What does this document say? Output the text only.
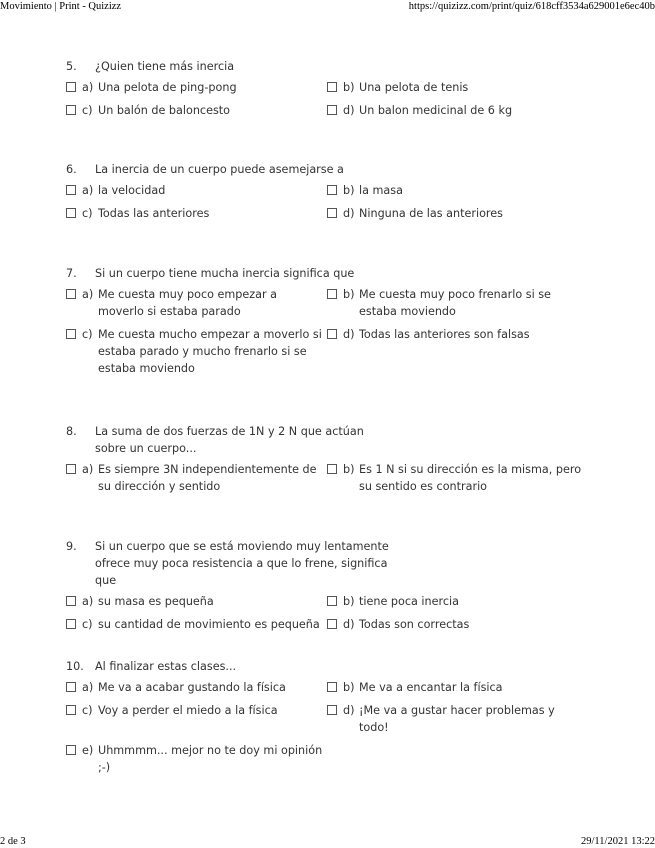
Movimiento | Print - Quizizz	https://quizizz.com/print/quiz/618cff3534a629001e6ec40b
5.	¿Quien tiene más inercia
a) Una pelota de ping-pong	b) Una pelota de tenis
c) Un balón de baloncesto	d) Un balon medicinal de 6 kg
6.	La inercia de un cuerpo puede asemejarse a
a) la velocidad	b) la masa
c) Todas las anteriores	d) Ninguna de las anteriores
7.	Si un cuerpo tiene mucha inercia significa que
a) Me cuesta muy poco empezar a moverlo si estaba parado
b) Me cuesta muy poco frenarlo si se estaba moviendo
c) Me cuesta mucho empezar a moverlo si estaba parado y mucho frenarlo si se estaba moviendo
d) Todas las anteriores son falsas
8.	La suma de dos fuerzas de 1N y 2 N que actúan sobre un cuerpo...
a) Es siempre 3N independientemente de su dirección y sentido
b) Es 1 N si su dirección es la misma, pero su sentido es contrario
9.	Si un cuerpo que se está moviendo muy lentamente ofrece muy poca resistencia a que lo frene, significa que
a) su masa es pequeña	b) tiene poca inercia
c) su cantidad de movimiento es pequeña	d) Todas son correctas
10.	Al finalizar estas clases...
a) Me va a acabar gustando la física	b) Me va a encantar la física
c) Voy a perder el miedo a la física	d) ¡Me va a gustar hacer problemas y todo!
e) Uhmmmm... mejor no te doy mi opinión ;-)
2 de 3	29/11/2021 13:22
